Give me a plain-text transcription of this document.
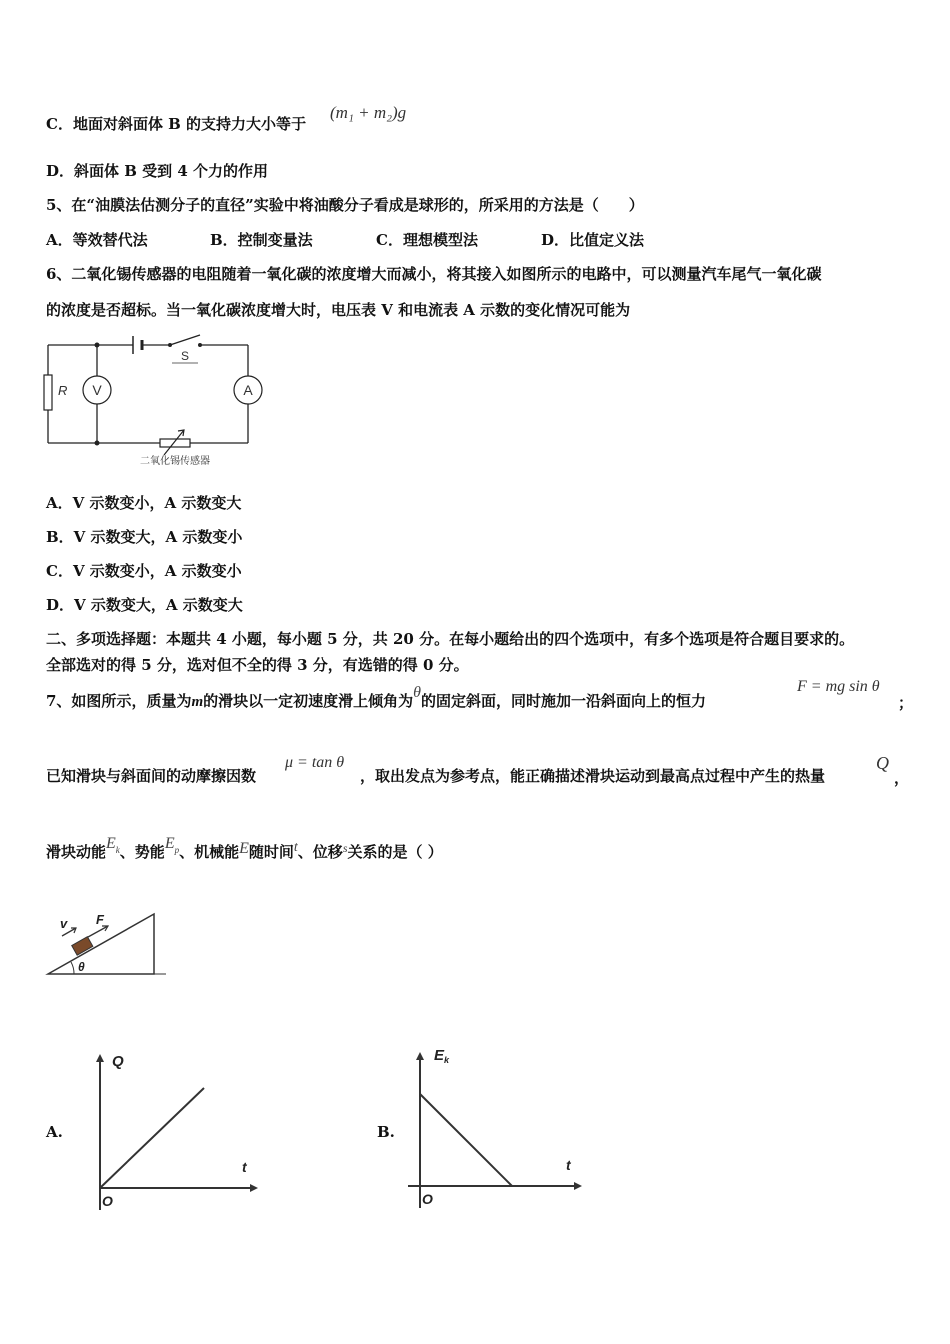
C．地面对斜面体 B 的支持力大小等于
(m₁ + m₂)g
D．斜面体 B 受到 4 个力的作用
5、在“油膜法估测分子的直径”实验中将油酸分子看成是球形的，所采用的方法是（　　）
A．等效替代法	B．控制变量法	C．理想模型法	D．比值定义法
6、二氧化锡传感器的电阻随着一氧化碳的浓度增大而减小，将其接入如图所示的电路中，可以测量汽车尾气一氧化碳
的浓度是否超标。当一氧化碳浓度增大时，电压表 V 和电流表 A 示数的变化情况可能为
R V	A
S
二氧化锡传感器
A．V 示数变小，A 示数变大
B．V 示数变大，A 示数变小
C．V 示数变小，A 示数变小
D．V 示数变大，A 示数变大
二、多项选择题：本题共 4 小题，每小题 5 分，共 20 分。在每小题给出的四个选项中，有多个选项是符合题目要求的。
全部选对的得 5 分，选对但不全的得 3 分，有选错的得 0 分。
7、如图所示，质量为m的滑块以一定初速度滑上倾角为θ的固定斜面，同时施加一沿斜面向上的恒力
F = mg sin θ
；
已知滑块与斜面间的动摩擦因数
μ = tan θ
，取出发点为参考点，能正确描述滑块运动到最高点过程中产生的热量
Q
，
滑块动能$E^k$、势能$E^p$、机械能E随时间t、位移$^s$关系的是（ ）
v F
θ
A.
Q
t
O
B.
$E_k$
t
O
